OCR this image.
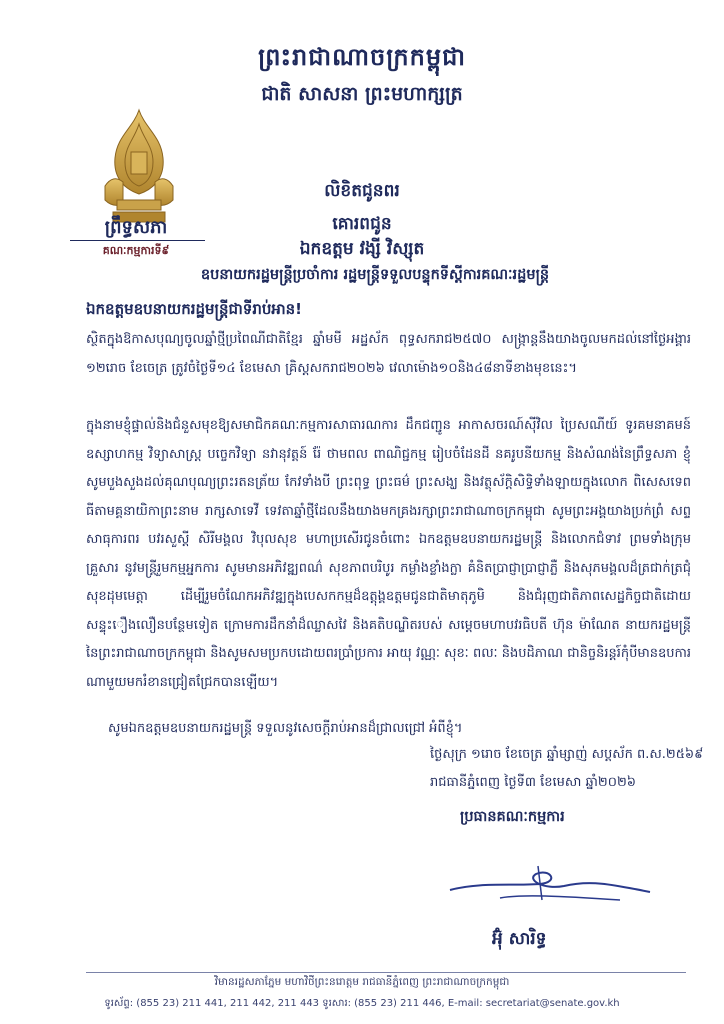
ព្រះរាជាណាចក្រកម្ពុជា
ជាតិ សាសនា ព្រះមហាក្សត្រ
ព្រឹទ្ធសភា
គណៈកម្មការទី៩
លិខិតជូនពរ
គោរពជូន
ឯកឧត្តម វង្សី វិស្សុត
ឧបនាយករដ្ឋមន្ត្រីប្រចាំការ រដ្ឋមន្ត្រីទទួលបន្ទុកទីស្តីការគណៈរដ្ឋមន្ត្រី
ឯកឧត្តមឧបនាយករដ្ឋមន្ត្រីជាទីរាប់អាន!
ស្ថិតក្នុងឱកាសបុណ្យចូលឆ្នាំថ្មីប្រពៃណីជាតិខ្មែរ ឆ្នាំមមី អដ្ឋស័ក ពុទ្ធសករាជ២៥៧០ សង្រ្កាន្តនឹងយាងចូលមកដល់នៅថ្ងៃអង្គារ ១២រោច ខែចេត្រ ត្រូវចំថ្ងៃទី១៤ ខែមេសា គ្រិស្តសករាជ២០២៦ វេលាម៉ោង១០និង៤៨នាទីខាងមុខនេះ។
ក្នុងនាមខ្ញុំផ្ទាល់និងជំនួសមុខឱ្យសមាជិកគណៈកម្មការសាធារណការ ដឹកជញ្ជូន អាកាសចរណ៍ស៊ីវិល ប្រៃសណីយ៍ ទូរគមនាគមន៍ ឧស្សាហកម្ម វិទ្យាសាស្ត្រ បច្ចេកវិទ្យា នវានុវត្តន៍ រ៉ែ ថាមពល ពាណិជ្ជកម្ម រៀបចំដែនដី នគរូបនីយកម្ម និងសំណង់នៃព្រឹទ្ធសភា ខ្ញុំសូមបួងសួងដល់គុណបុណ្យព្រះរតនត្រ័យ កែវទាំងបី ព្រះពុទ្ធ ព្រះធម៌ ព្រះសង្ឃ និងវត្ថុស័ក្តិសិទ្ធិទាំងឡាយក្នុងលោក ពិសេសទេពធីតាមគ្គនាយិកាព្រះនាម រាក្សសាទេវី ទេវតាឆ្នាំថ្មីដែលនឹងយាងមកគ្រងរក្សាព្រះរាជាណាចក្រកម្ពុជា សូមព្រះអង្គយាងប្រក់ព្រំ សព្ទសាធុការពរ បវរសួស្តី សិរីមង្គល វិបុលសុខ មហាប្រសើរជូនចំពោះ ឯកឧត្តមឧបនាយករដ្ឋមន្ត្រី និងលោកជំទាវ ព្រមទាំងក្រុមគ្រួសារ នូវមន្ត្រីរួមកម្មអ្នកការ សូមមានអភិវឌ្ឍពណ៌ សុខភាពបរិបូរ កម្លាំងខ្លាំងក្លា គំនិតប្រាជ្ញាប្រាជ្ញាភ្លឺ និងសុភមង្គលដ៏ត្រជាក់ត្រជុំសុខដុមមេត្តា ដើម្បីរួមចំណែកអភិវឌ្ឍក្នុងបេសកកម្មដ៏ឧត្តុង្គឧត្តមជូនជាតិមាតុភូមិ និងជំរុញជាតិភាពសេដ្ឋកិច្ចជាតិដោយសន្ទុះឿងលឿនបន្ថែមទៀត ក្រោមការដឹកនាំដ៏ឈ្លាសវៃ និងគតិបណ្ឌិតរបស់ សម្តេចមហាបវរធិបតី ហ៊ុន ម៉ាណែត នាយករដ្ឋមន្ត្រី នៃព្រះរាជាណាចក្រកម្ពុជា និងសូមសមប្រកបដោយពរប្រាំប្រការ អាយុ វណ្ណៈ សុខៈ ពលៈ និងបដិភាណ ជានិច្ចនិរន្តរ៍កុំបីមានឧបការណាមួយមករំខានជ្រៀតជ្រែកបានឡើយ។
សូមឯកឧត្តមឧបនាយករដ្ឋមន្ត្រី ទទួលនូវសេចក្តីរាប់អានដ៏ជ្រាលជ្រៅ អំពីខ្ញុំ។
ថ្ងៃសុក្រ ១រោច ខែចេត្រ ឆ្នាំម្សាញ់ សប្តស័ក ព.ស.២៥៦៩
រាជធានីភ្នំពេញ ថ្ងៃទី៣ ខែមេសា ឆ្នាំ២០២៦
ប្រធានគណៈកម្មការ
អ៊ុំ សារិទ្ធ
វិមានរដ្ឋសភាភ្នែម មហាវិថីព្រះនរោត្តម រាជធានីភ្នំពេញ ព្រះរាជាណាចក្រកម្ពុជា
ទូរស័ព្ទ: (855 23) 211 441, 211 442, 211 443 ទូរសារ: (855 23) 211 446, E-mail: secretariat@senate.gov.kh
